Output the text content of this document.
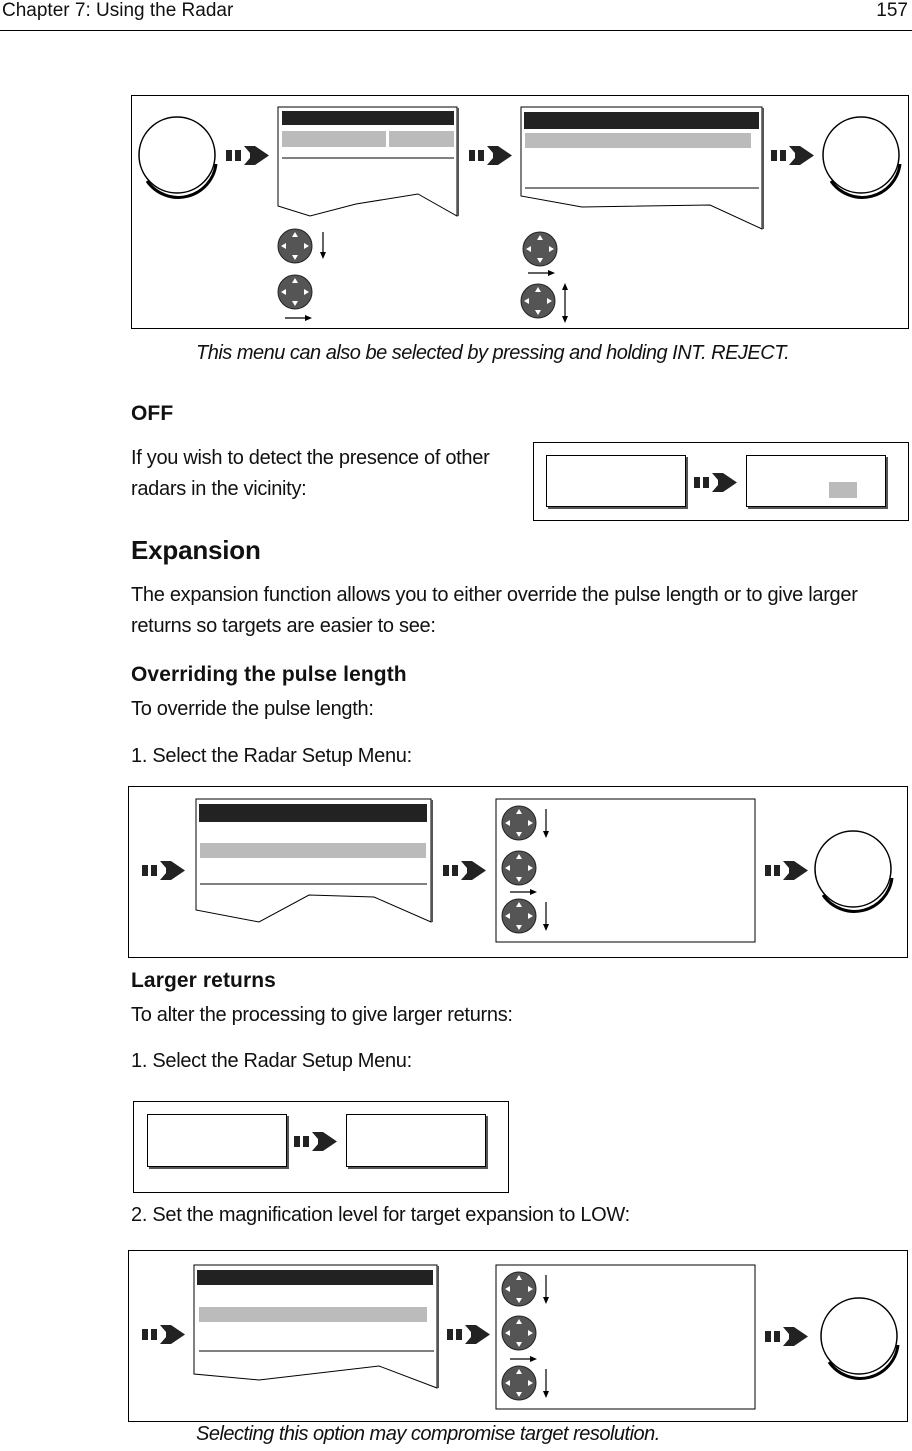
Chapter 7: Using the Radar	157
This menu can also be selected by pressing and holding INT. REJECT.
OFF
If you wish to detect the presence of other
radars in the vicinity:
Expansion
The expansion function allows you to either override the pulse length or to give larger
returns so targets are easier to see:
Overriding the pulse length
To override the pulse length:
1. Select the Radar Setup Menu:
Larger returns
To alter the processing to give larger returns:
1. Select the Radar Setup Menu:
2. Set the magnification level for target expansion to LOW:
Selecting this option may compromise target resolution.
